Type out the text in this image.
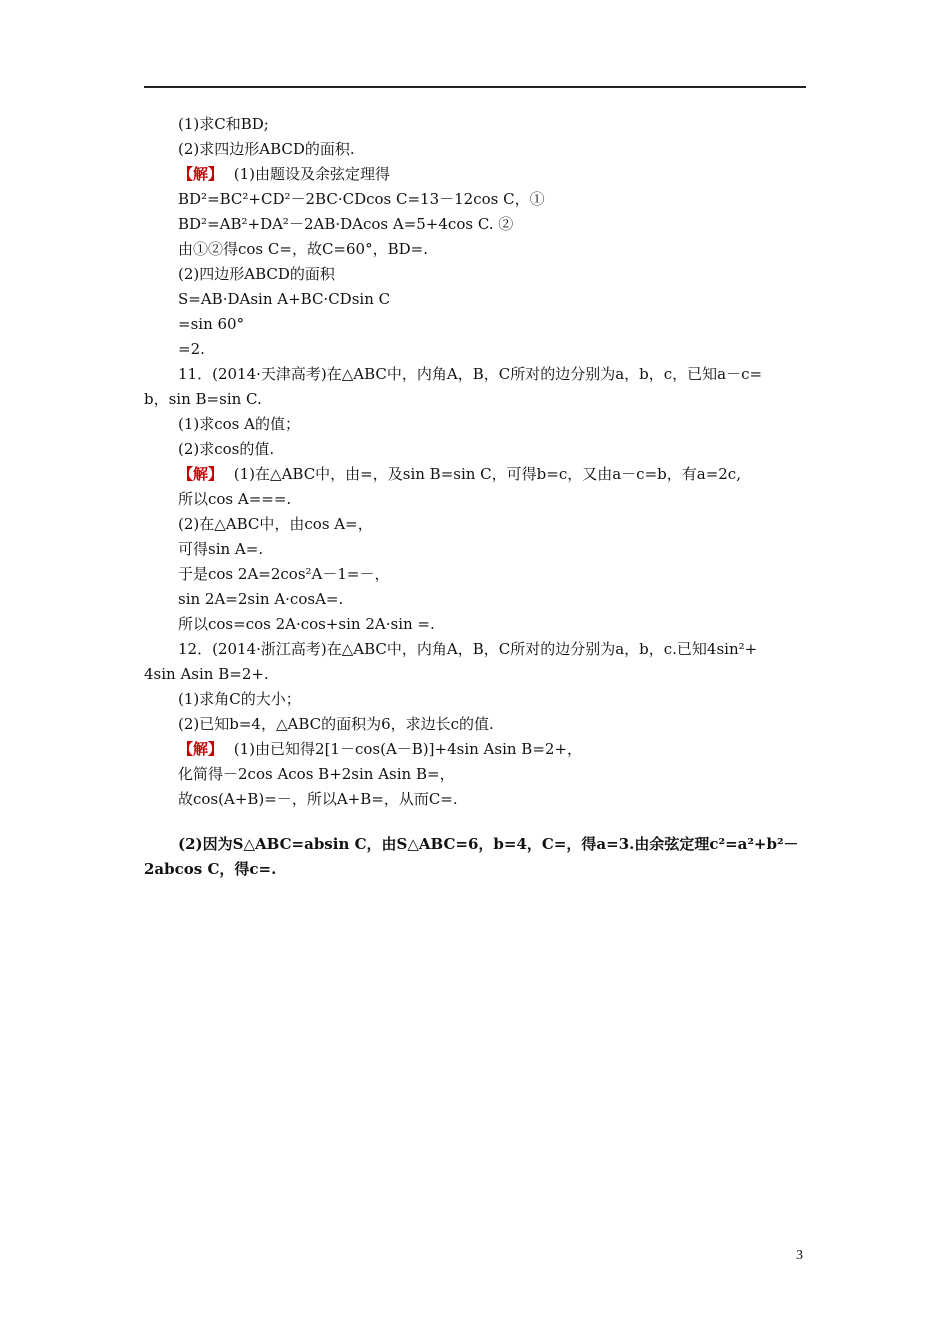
(1)求C和BD;
(2)求四边形ABCD的面积.
【解】 (1)由题设及余弦定理得
BD²=BC²+CD²－2BC·CDcos C=13－12cos C，①
BD²=AB²+DA²－2AB·DAcos A=5+4cos C. ②
由①②得cos C=，故C=60°，BD=.
(2)四边形ABCD的面积
S=AB·DAsin A+BC·CDsin C
=sin 60°
=2.
11．(2014·天津高考)在△ABC中，内角A，B，C所对的边分别为a，b，c，已知a－c=
b，sin B=sin C.
(1)求cos A的值；
(2)求cos的值.
【解】 (1)在△ABC中，由=，及sin B=sin C，可得b=c，又由a－c=b，有a=2c,
所以cos A===.
(2)在△ABC中，由cos A=，
可得sin A=.
于是cos 2A=2cos²A－1=－，
sin 2A=2sin A·cosA=.
所以cos=cos 2A·cos+sin 2A·sin =.
12．(2014·浙江高考)在△ABC中，内角A，B，C所对的边分别为a，b，c.已知4sin²+
4sin Asin B=2+.
(1)求角C的大小；
(2)已知b=4，△ABC的面积为6，求边长c的值.
【解】 (1)由已知得2[1－cos(A－B)]+4sin Asin B=2+，
化简得－2cos Acos B+2sin Asin B=，
故cos(A+B)=－，所以A+B=，从而C=.
(2)因为S△ABC=absin C，由S△ABC=6，b=4，C=，得a=3.由余弦定理c²=a²+b²－
2abcos C，得c=.
3
